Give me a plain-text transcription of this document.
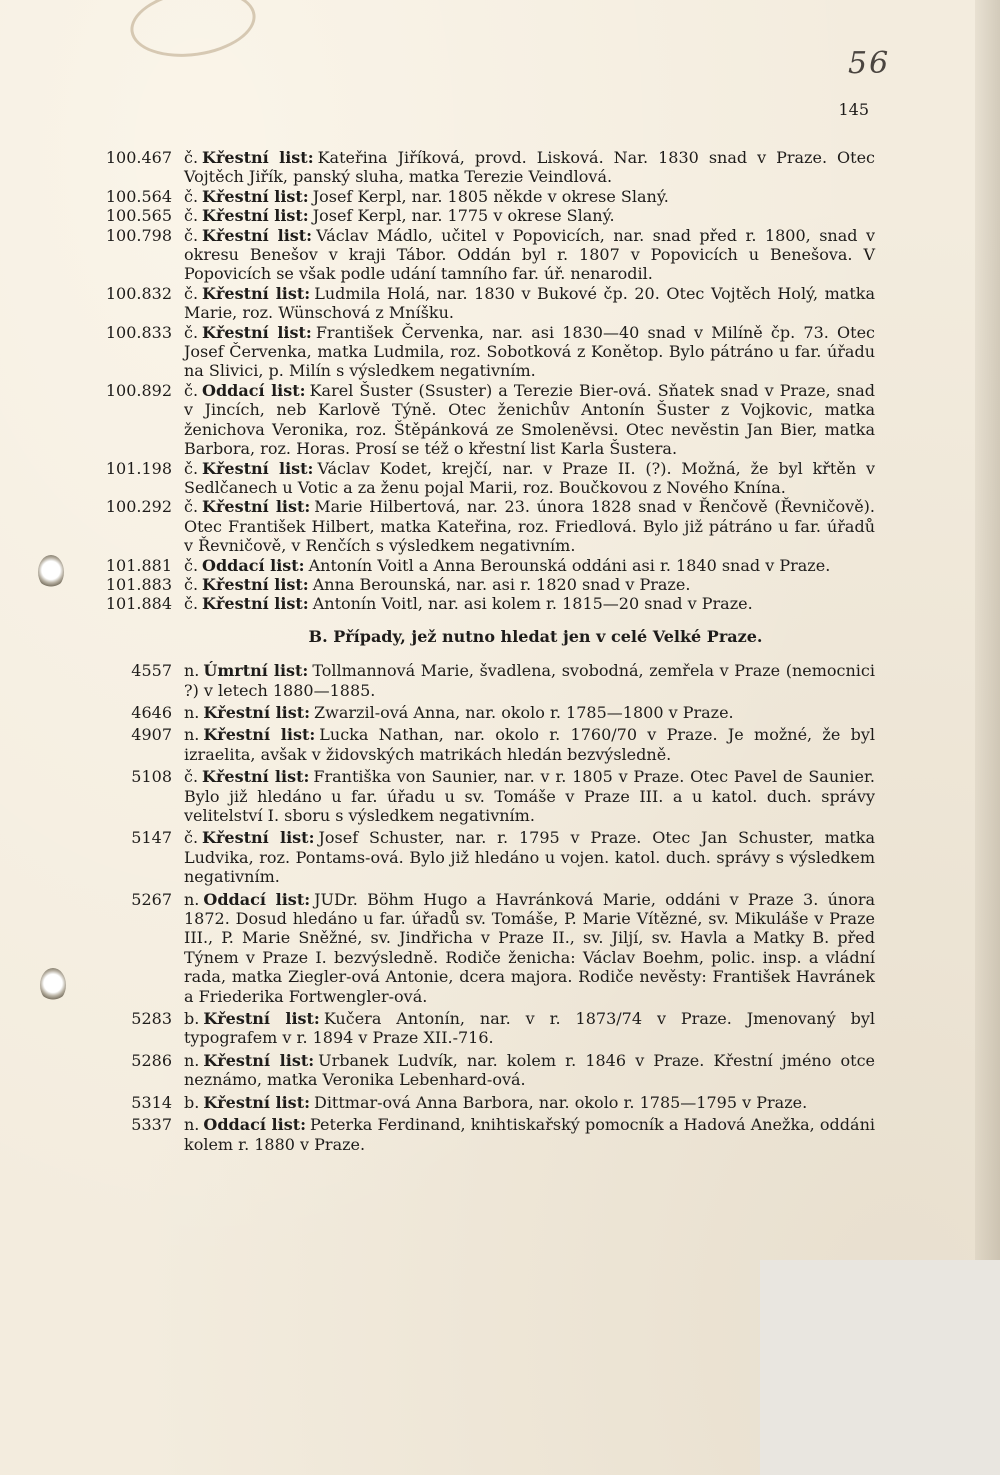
56
145
100.467 č. Křestní list: Kateřina Jiříková, provd. Lisková. Nar. 1830 snad v Praze. Otec Vojtěch Jiřík, panský sluha, matka Terezie Veindlová.
100.564 č. Křestní list: Josef Kerpl, nar. 1805 někde v okrese Slaný.
100.565 č. Křestní list: Josef Kerpl, nar. 1775 v okrese Slaný.
100.798 č. Křestní list: Václav Mádlo, učitel v Popovicích, nar. snad před r. 1800, snad v okresu Benešov v kraji Tábor. Oddán byl r. 1807 v Popovicích u Benešova. V Popovicích se však podle udání tamního far. úř. nenarodil.
100.832 č. Křestní list: Ludmila Holá, nar. 1830 v Bukové čp. 20. Otec Vojtěch Holý, matka Marie, roz. Wünschová z Mníšku.
100.833 č. Křestní list: František Červenka, nar. asi 1830—40 snad v Milíně čp. 73. Otec Josef Červenka, matka Ludmila, roz. Sobotková z Konětop. Bylo pátráno u far. úřadu na Slivici, p. Milín s výsledkem negativním.
100.892 č. Oddací list: Karel Šuster (Ssuster) a Terezie Bier-ová. Sňatek snad v Praze, snad v Jincích, neb Karlově Týně. Otec ženichův Antonín Šuster z Vojkovic, matka ženichova Veronika, roz. Štěpánková ze Smoleněvsi. Otec nevěstin Jan Bier, matka Barbora, roz. Horas. Prosí se též o křestní list Karla Šustera.
101.198 č. Křestní list: Václav Kodet, krejčí, nar. v Praze II. (?). Možná, že byl křtěn v Sedlčanech u Votic a za ženu pojal Marii, roz. Boučkovou z Nového Knína.
100.292 č. Křestní list: Marie Hilbertová, nar. 23. února 1828 snad v Řenčově (Řevničově). Otec František Hilbert, matka Kateřina, roz. Friedlová. Bylo již pátráno u far. úřadů v Řevničově, v Renčích s výsledkem negativním.
101.881 č. Oddací list: Antonín Voitl a Anna Berounská oddáni asi r. 1840 snad v Praze.
101.883 č. Křestní list: Anna Berounská, nar. asi r. 1820 snad v Praze.
101.884 č. Křestní list: Antonín Voitl, nar. asi kolem r. 1815—20 snad v Praze.
B. Případy, jež nutno hledat jen v celé Velké Praze.
4557 n. Úmrtní list: Tollmannová Marie, švadlena, svobodná, zemřela v Praze (nemocnici ?) v letech 1880—1885.
4646 n. Křestní list: Zwarzil-ová Anna, nar. okolo r. 1785—1800 v Praze.
4907 n. Křestní list: Lucka Nathan, nar. okolo r. 1760/70 v Praze. Je možné, že byl izraelita, avšak v židovských matrikách hledán bezvýsledně.
5108 č. Křestní list: Františka von Saunier, nar. v r. 1805 v Praze. Otec Pavel de Saunier. Bylo již hledáno u far. úřadu u sv. Tomáše v Praze III. a u katol. duch. správy velitelství I. sboru s výsledkem negativním.
5147 č. Křestní list: Josef Schuster, nar. r. 1795 v Praze. Otec Jan Schuster, matka Ludvika, roz. Pontams-ová. Bylo již hledáno u vojen. katol. duch. správy s výsledkem negativním.
5267 n. Oddací list: JUDr. Böhm Hugo a Havránková Marie, oddáni v Praze 3. února 1872. Dosud hledáno u far. úřadů sv. Tomáše, P. Marie Vítězné, sv. Mikuláše v Praze III., P. Marie Sněžné, sv. Jindřicha v Praze II., sv. Jiljí, sv. Havla a Matky B. před Týnem v Praze I. bezvýsledně. Rodiče ženicha: Václav Boehm, polic. insp. a vládní rada, matka Ziegler-ová Antonie, dcera majora. Rodiče nevěsty: František Havránek a Friederika Fortwengler-ová.
5283 b. Křestní list: Kučera Antonín, nar. v r. 1873/74 v Praze. Jmenovaný byl typografem v r. 1894 v Praze XII.-716.
5286 n. Křestní list: Urbanek Ludvík, nar. kolem r. 1846 v Praze. Křestní jméno otce neznámo, matka Veronika Lebenhard-ová.
5314 b. Křestní list: Dittmar-ová Anna Barbora, nar. okolo r. 1785—1795 v Praze.
5337 n. Oddací list: Peterka Ferdinand, knihtiskařský pomocník a Hadová Anežka, oddáni kolem r. 1880 v Praze.
